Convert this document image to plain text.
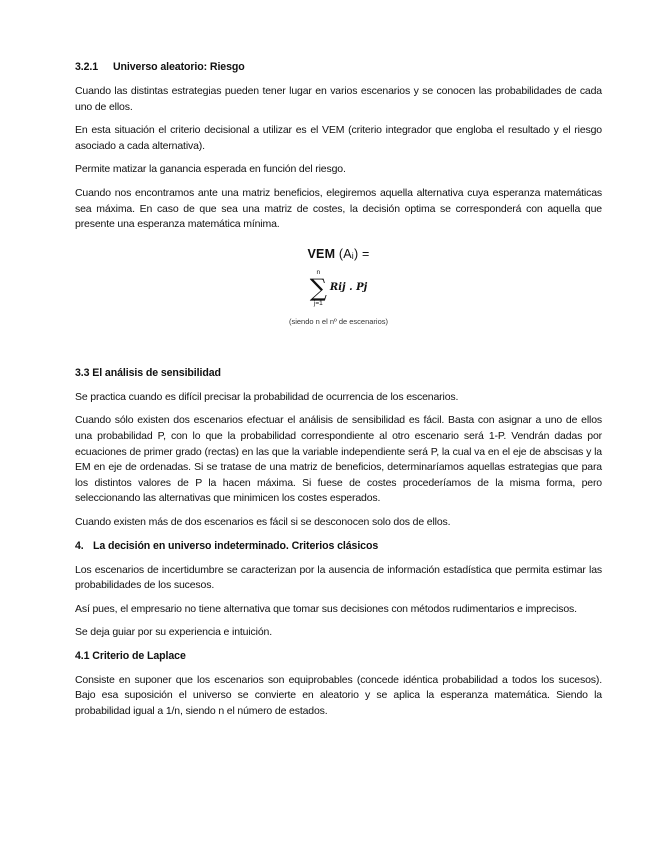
3.2.1 Universo aleatorio: Riesgo

Cuando las distintas estrategias pueden tener lugar en varios escenarios y se conocen las probabilidades de cada uno de ellos.

En esta situación el criterio decisional a utilizar es el VEM (criterio integrador que engloba el resultado y el riesgo asociado a cada alternativa).

Permite matizar la ganancia esperada en función del riesgo.

Cuando nos encontramos ante una matriz beneficios, elegiremos aquella alternativa cuya esperanza matemáticas sea máxima. En caso de que sea una matriz de costes, la decisión optima se corresponderá con aquella que presente una esperanza matemática mínima.

VEM (Aᵢ) =
n
∑
j=1
Rij . Pj
(siendo n el nº de escenarios)
3.3 El análisis de sensibilidad

Se practica cuando es difícil precisar la probabilidad de ocurrencia de los escenarios.

Cuando sólo existen dos escenarios efectuar el análisis de sensibilidad es fácil. Basta con asignar a uno de ellos una probabilidad P, con lo que la probabilidad correspondiente al otro escenario será 1-P. Vendrán dadas por ecuaciones de primer grado (rectas) en las que la variable independiente será P, la cual va en el eje de abscisas y la EM en eje de ordenadas. Si se tratase de una matriz de beneficios, determinaríamos aquellas estrategias que para los distintos valores de P la hacen máxima. Si fuese de costes procederíamos de la misma forma, pero seleccionando las alternativas que minimicen los costes esperados.

Cuando existen más de dos escenarios es fácil si se desconocen solo dos de ellos.

4. La decisión en universo indeterminado. Criterios clásicos

Los escenarios de incertidumbre se caracterizan por la ausencia de información estadística que permita estimar las probabilidades de los sucesos.

Así pues, el empresario no tiene alternativa que tomar sus decisiones con métodos rudimentarios e imprecisos.

Se deja guiar por su experiencia e intuición.

4.1 Criterio de Laplace

Consiste en suponer que los escenarios son equiprobables (concede idéntica probabilidad a todos los sucesos). Bajo esa suposición el universo se convierte en aleatorio y se aplica la esperanza matemática. Siendo la probabilidad igual a 1/n, siendo n el número de estados.
